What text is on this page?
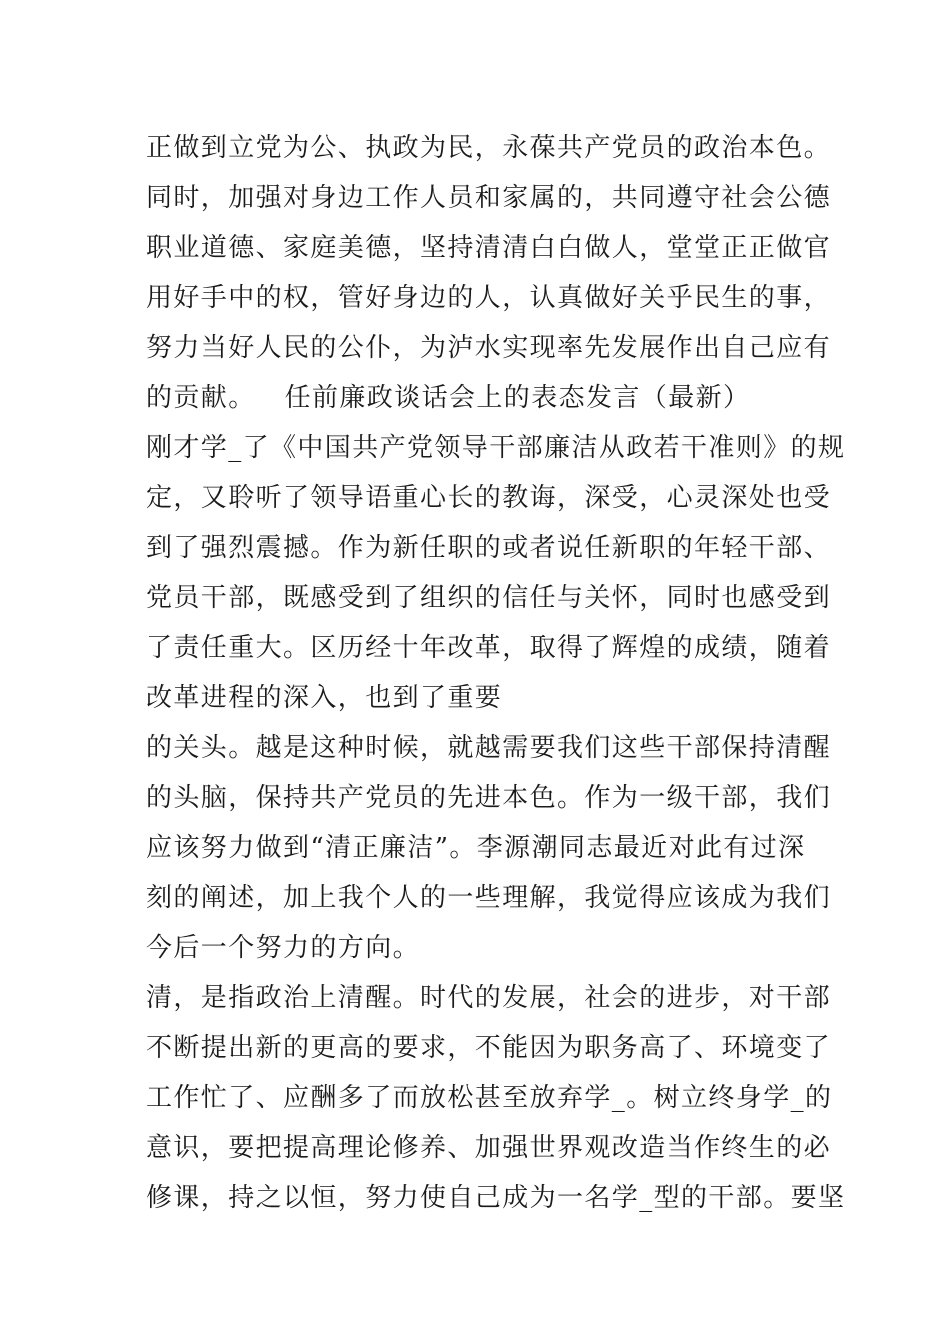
正做到立党为公、执政为民，永葆共产党员的政治本色。
同时，加强对身边工作人员和家属的，共同遵守社会公德
职业道德、家庭美德，坚持清清白白做人，堂堂正正做官
用好手中的权，管好身边的人，认真做好关乎民生的事，
努力当好人民的公仆，为泸水实现率先发展作出自己应有
的贡献。   任前廉政谈话会上的表态发言（最新）
刚才学_了《中国共产党领导干部廉洁从政若干准则》的规
定，又聆听了领导语重心长的教诲，深受，心灵深处也受
到了强烈震撼。作为新任职的或者说任新职的年轻干部、
党员干部，既感受到了组织的信任与关怀，同时也感受到
了责任重大。区历经十年改革，取得了辉煌的成绩，随着
改革进程的深入，也到了重要
的关头。越是这种时候，就越需要我们这些干部保持清醒
的头脑，保持共产党员的先进本色。作为一级干部，我们
应该努力做到“清正廉洁”。李源潮同志最近对此有过深
刻的阐述，加上我个人的一些理解，我觉得应该成为我们
今后一个努力的方向。
清，是指政治上清醒。时代的发展，社会的进步，对干部
不断提出新的更高的要求，不能因为职务高了、环境变了
工作忙了、应酬多了而放松甚至放弃学_。树立终身学_的
意识，要把提高理论修养、加强世界观改造当作终生的必
修课，持之以恒，努力使自己成为一名学_型的干部。要坚
